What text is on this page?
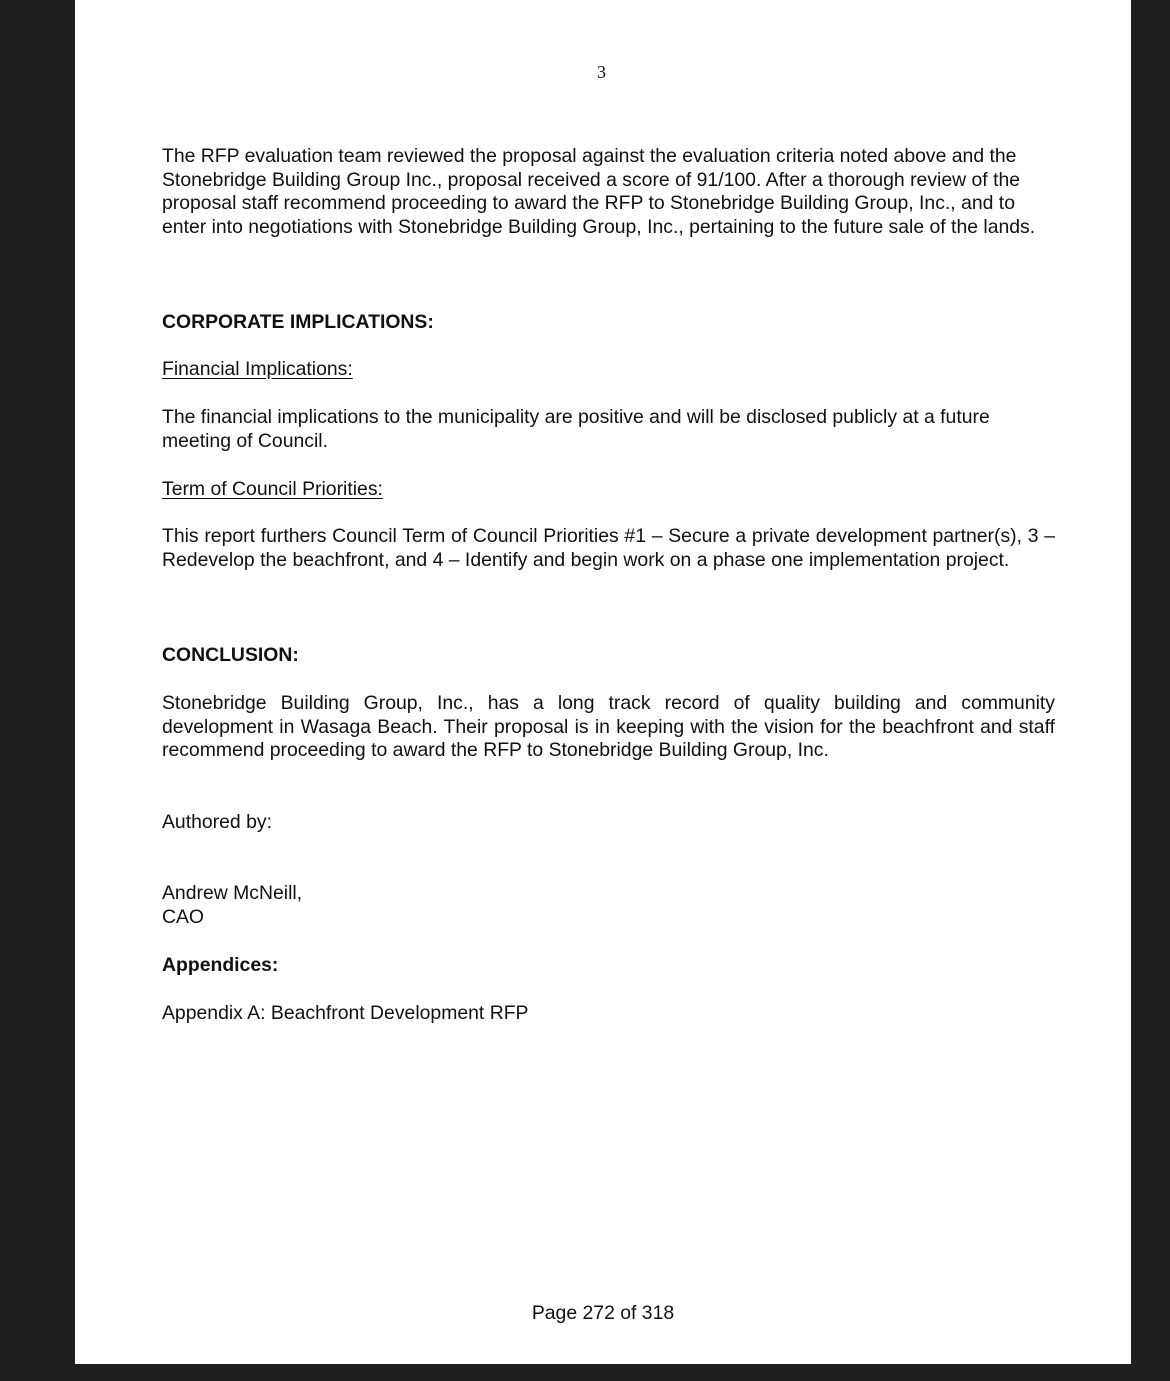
3

The RFP evaluation team reviewed the proposal against the evaluation criteria noted above and the Stonebridge Building Group Inc., proposal received a score of 91/100. After a thorough review of the proposal staff recommend proceeding to award the RFP to Stonebridge Building Group, Inc., and to enter into negotiations with Stonebridge Building Group, Inc., pertaining to the future sale of the lands.

CORPORATE IMPLICATIONS:

Financial Implications:

The financial implications to the municipality are positive and will be disclosed publicly at a future meeting of Council.

Term of Council Priorities:

This report furthers Council Term of Council Priorities #1 – Secure a private development partner(s), 3 – Redevelop the beachfront, and 4 – Identify and begin work on a phase one implementation project.

CONCLUSION:

Stonebridge Building Group, Inc., has a long track record of quality building and community development in Wasaga Beach. Their proposal is in keeping with the vision for the beachfront and staff recommend proceeding to award the RFP to Stonebridge Building Group, Inc.

Authored by:

Andrew McNeill,

CAO

Appendices:

Appendix A: Beachfront Development RFP

Page 272 of 318
